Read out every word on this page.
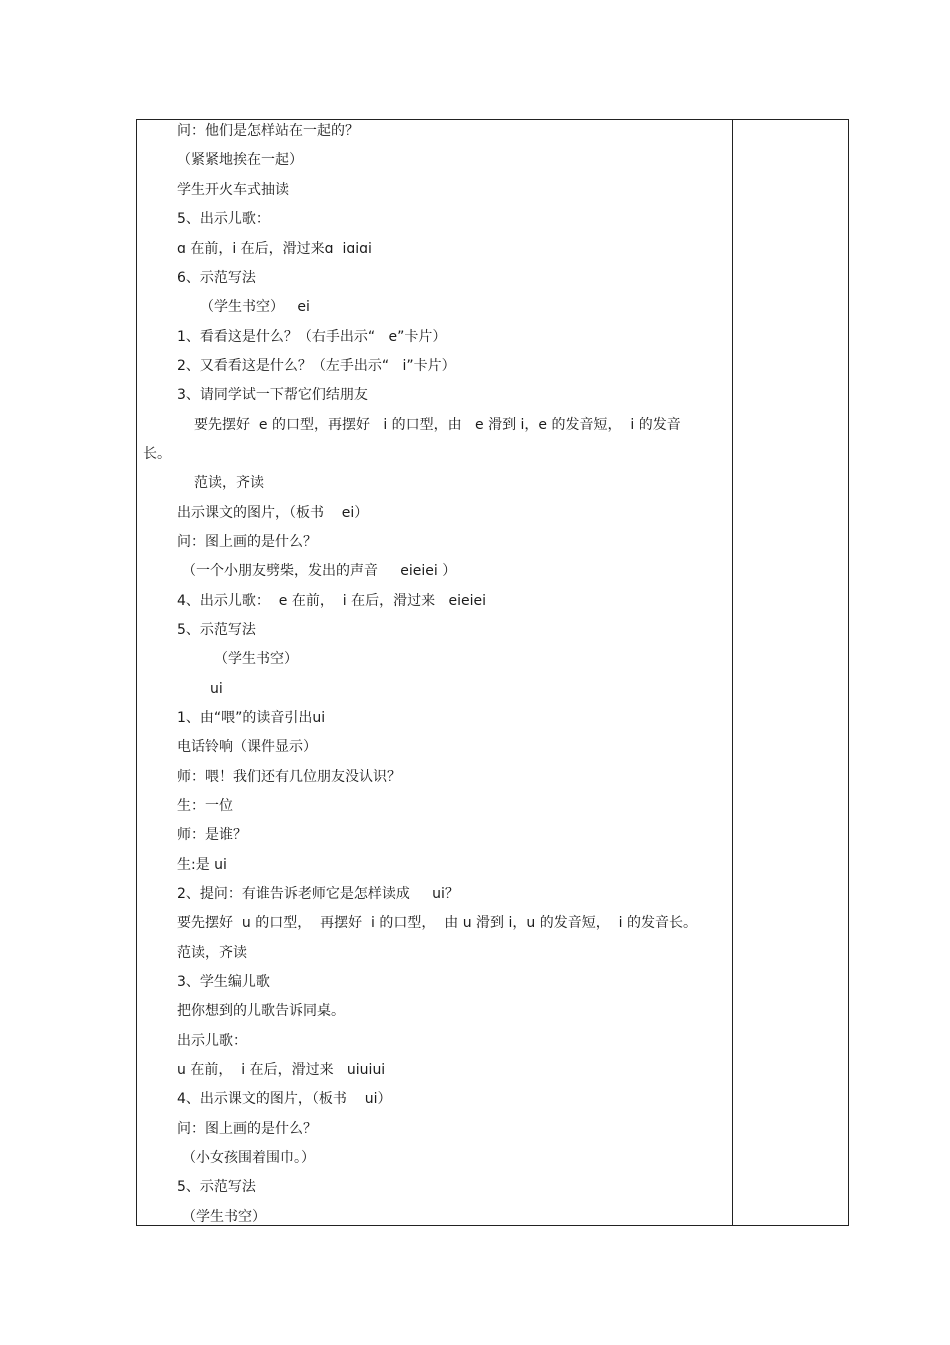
问：他们是怎样站在一起的？
（紧紧地挨在一起）
学生开火车式抽读
5、出示儿歌：
ɑ 在前，i 在后，滑过来ɑ  iɑiɑi
6、示范写法
（学生书空）   ei
1、看看这是什么？（右手出示“   e”卡片）
2、又看看这是什么？（左手出示“   i”卡片）
3、请同学试一下帮它们结朋友
要先摆好  e 的口型，再摆好   i 的口型，由   e 滑到 i，e 的发音短，  i 的发音
长。
范读，齐读
出示课文的图片，（板书    ei）
问：图上画的是什么？
（一个小朋友劈柴，发出的声音     eieiei ）
4、出示儿歌：  e 在前，  i 在后，滑过来   eieiei
5、示范写法
（学生书空）
ui
1、由“喂”的读音引出ui
电话铃响（课件显示）
师：喂！我们还有几位朋友没认识？
生：一位
师：是谁？
生:是 ui
2、提问：有谁告诉老师它是怎样读成     ui？
要先摆好  u 的口型，  再摆好  i 的口型，  由 u 滑到 i，u 的发音短，  i 的发音长。
范读，齐读
3、学生编儿歌
把你想到的儿歌告诉同桌。
出示儿歌：
u 在前，  i 在后，滑过来   uiuiui
4、出示课文的图片，（板书    ui）
问：图上画的是什么？
（小女孩围着围巾。）
5、示范写法
（学生书空）
